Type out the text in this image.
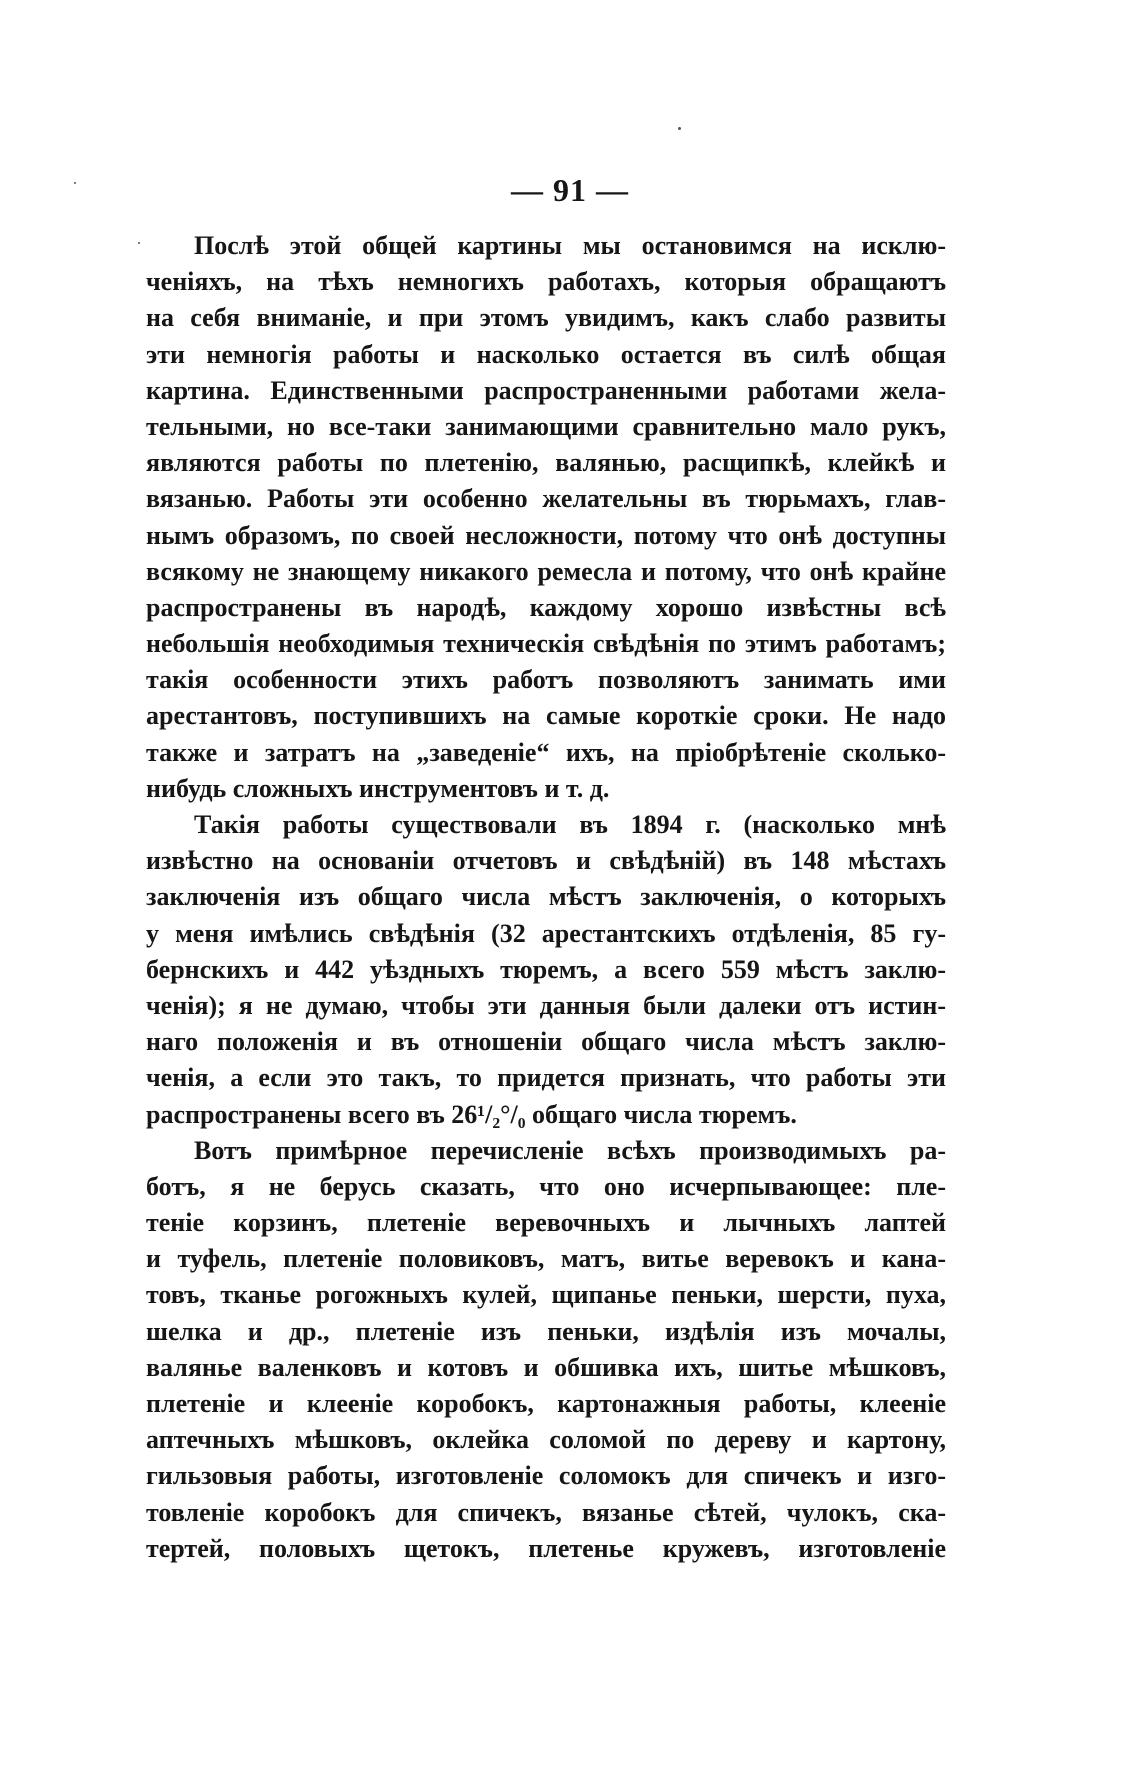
— 91 —
Послѣ этой общей картины мы остановимся на исклю-
ченiяхъ, на тѣхъ немногихъ работахъ, которыя обращаютъ
на себя вниманiе, и при этомъ увидимъ, какъ слабо развиты
эти немногiя работы и насколько остается въ силѣ общая
картина. Единственными распространенными работами жела-
тельными, но все-таки занимающими сравнительно мало рукъ,
являются работы по плетенiю, валянью, расщипкѣ, клейкѣ и
вязанью. Работы эти особенно желательны въ тюрьмахъ, глав-
нымъ образомъ, по своей несложности, потому что онѣ доступны
всякому не знающему никакого ремесла и потому, что онѣ крайне
распространены въ народѣ, каждому хорошо извѣстны всѣ
небольшiя необходимыя техническiя свѣдѣнiя по этимъ работамъ;
такiя особенности этихъ работъ позволяютъ занимать ими
арестантовъ, поступившихъ на самые короткiе сроки. Не надо
также и затратъ на „заведенiе“ ихъ, на прiобрѣтенiе сколько-
нибудь сложныхъ инструментовъ и т. д.
Такiя работы существовали въ 1894 г. (насколько мнѣ
извѣстно на основанiи отчетовъ и свѣдѣнiй) въ 148 мѣстахъ
заключенiя изъ общаго числа мѣстъ заключенiя, о которыхъ
у меня имѣлись свѣдѣнiя (32 арестантскихъ отдѣленiя, 85 гу-
бернскихъ и 442 уѣздныхъ тюремъ, а всего 559 мѣстъ заклю-
ченiя); я не думаю, чтобы эти данныя были далеки отъ истин-
наго положенiя и въ отношенiи общаго числа мѣстъ заклю-
ченiя, а если это такъ, то придется признать, что работы эти
распространены всего въ 26¹/₂°/₀ общаго числа тюремъ.
Вотъ примѣрное перечисленiе всѣхъ производимыхъ ра-
ботъ, я не берусь сказать, что оно исчерпывающее: пле-
тенiе корзинъ, плетенiе веревочныхъ и лычныхъ лаптей
и туфель, плетенiе половиковъ, матъ, витье веревокъ и кана-
товъ, тканье рогожныхъ кулей, щипанье пеньки, шерсти, пуха,
шелка и др., плетенiе изъ пеньки, издѣлiя изъ мочалы,
валянье валенковъ и котовъ и обшивка ихъ, шитье мѣшковъ,
плетенiе и клеенiе коробокъ, картонажныя работы, клеенiе
аптечныхъ мѣшковъ, оклейка соломой по дереву и картону,
гильзовыя работы, изготовленiе соломокъ для спичекъ и изго-
товленiе коробокъ для спичекъ, вязанье сѣтей, чулокъ, ска-
тертей, половыхъ щетокъ, плетенье кружевъ, изготовленiе
